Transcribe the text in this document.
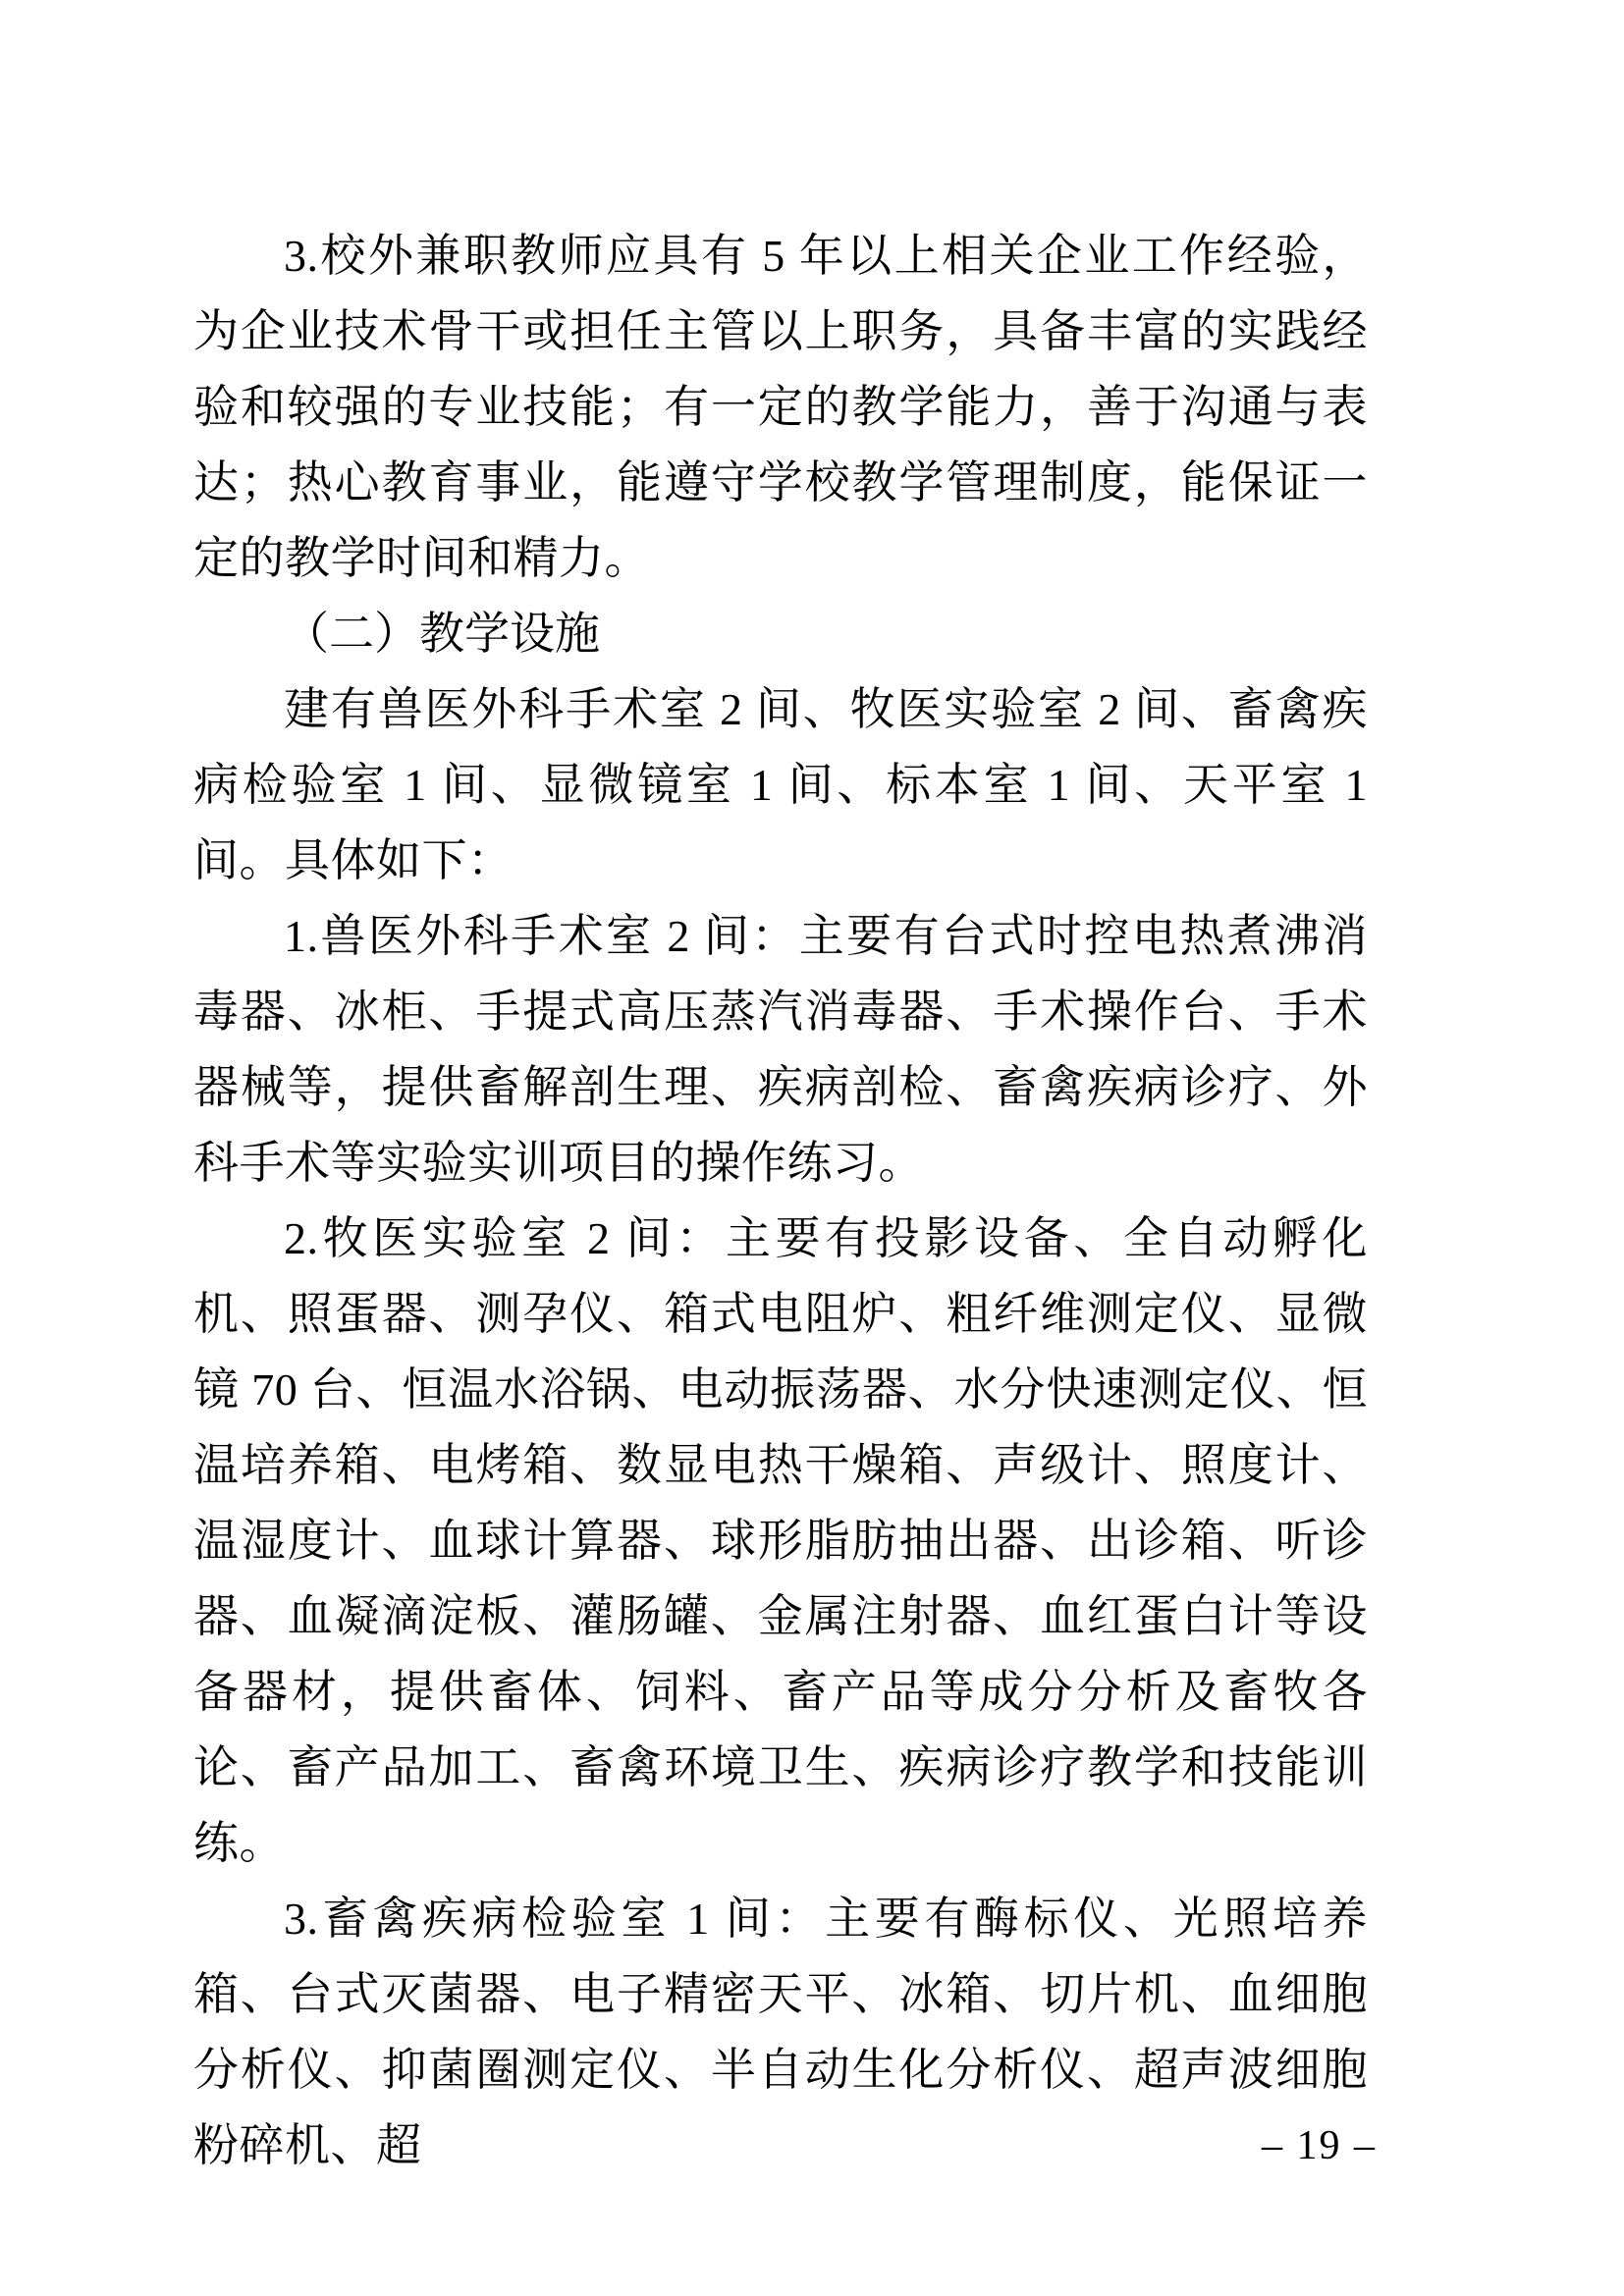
3.校外兼职教师应具有 5 年以上相关企业工作经验，为企业技术骨干或担任主管以上职务，具备丰富的实践经验和较强的专业技能；有一定的教学能力，善于沟通与表达；热心教育事业，能遵守学校教学管理制度，能保证一定的教学时间和精力。

（二）教学设施

建有兽医外科手术室 2 间、牧医实验室 2 间、畜禽疾病检验室 1 间、显微镜室 1 间、标本室 1 间、天平室 1 间。具体如下：

1.兽医外科手术室 2 间：主要有台式时控电热煮沸消毒器、冰柜、手提式高压蒸汽消毒器、手术操作台、手术器械等，提供畜解剖生理、疾病剖检、畜禽疾病诊疗、外科手术等实验实训项目的操作练习。

2.牧医实验室 2 间：主要有投影设备、全自动孵化机、照蛋器、测孕仪、箱式电阻炉、粗纤维测定仪、显微镜 70 台、恒温水浴锅、电动振荡器、水分快速测定仪、恒温培养箱、电烤箱、数显电热干燥箱、声级计、照度计、温湿度计、血球计算器、球形脂肪抽出器、出诊箱、听诊器、血凝滴淀板、灌肠罐、金属注射器、血红蛋白计等设备器材，提供畜体、饲料、畜产品等成分分析及畜牧各论、畜产品加工、畜禽环境卫生、疾病诊疗教学和技能训练。

3.畜禽疾病检验室 1 间：主要有酶标仪、光照培养箱、台式灭菌器、电子精密天平、冰箱、切片机、血细胞分析仪、抑菌圈测定仪、半自动生化分析仪、超声波细胞粉碎机、超	– 19 –
